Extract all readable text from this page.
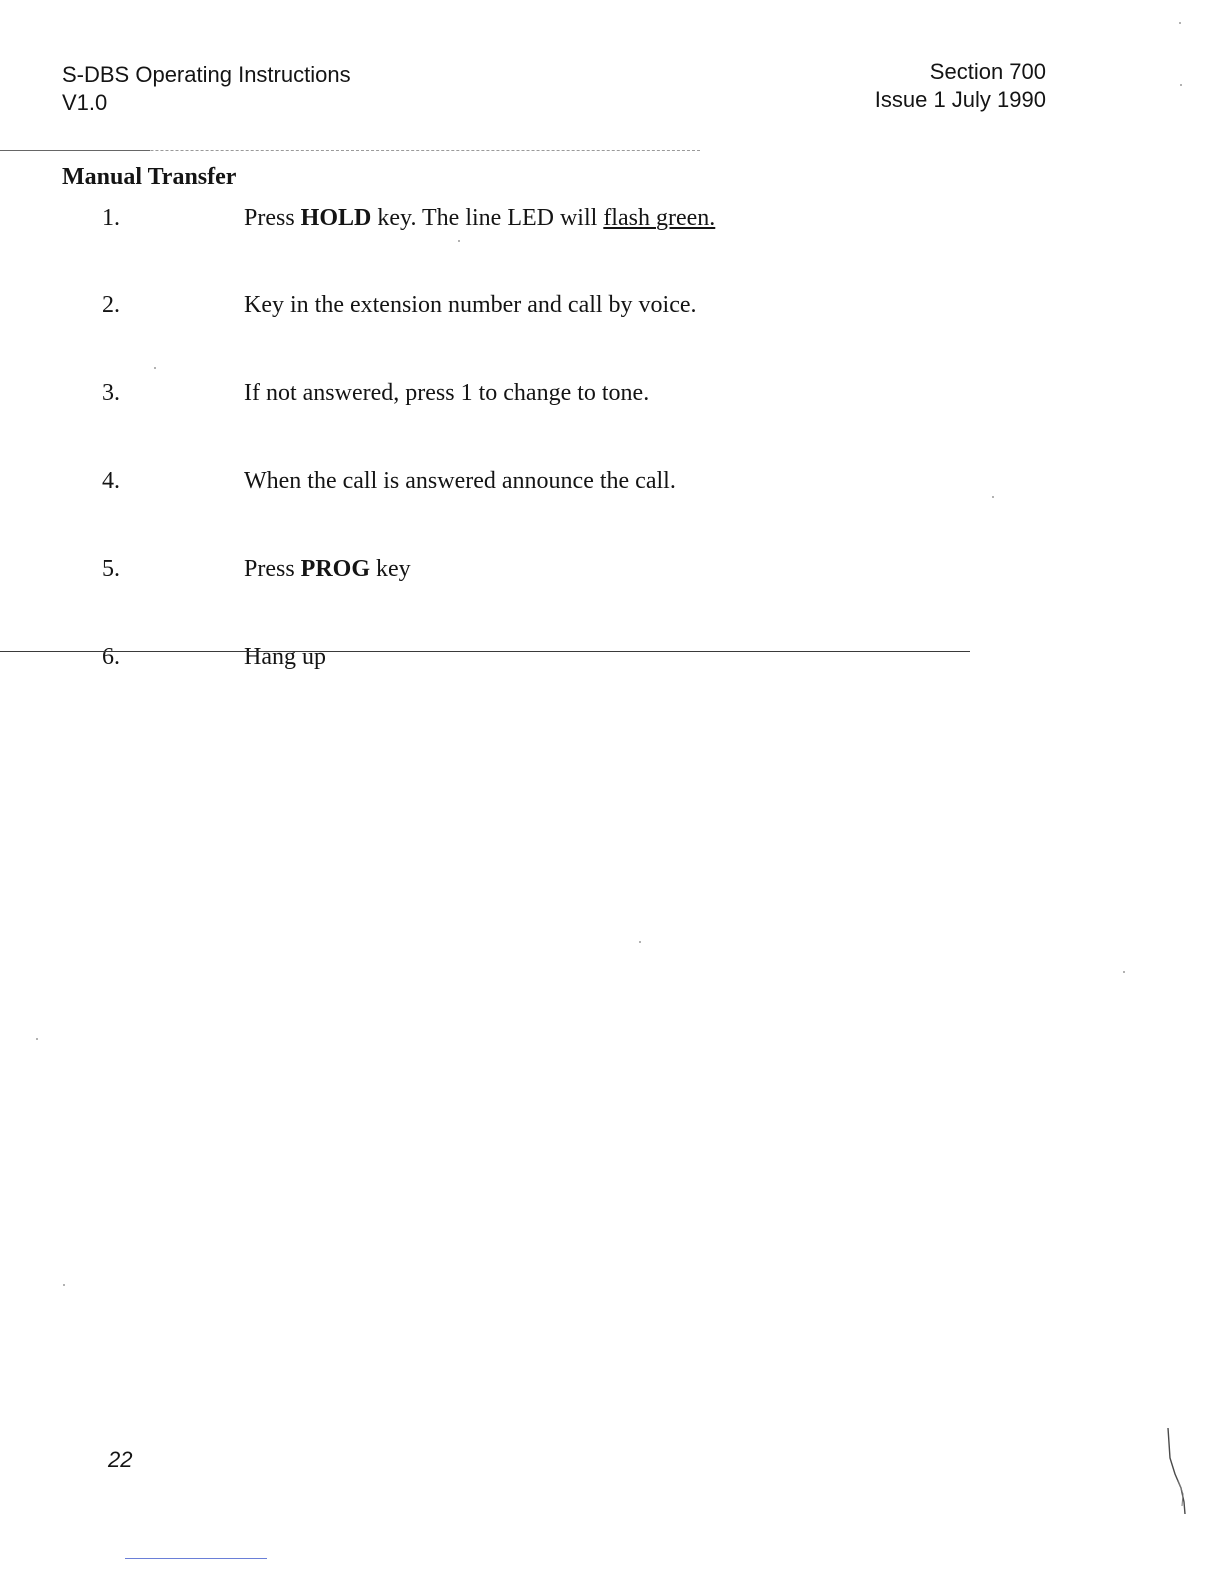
S-DBS Operating Instructions
V1.0
Section 700
Issue 1 July 1990
Manual Transfer
1.	Press HOLD key. The line LED will flash green.
2.	Key in the extension number and call by voice.
3.	If not answered, press 1 to change to tone.
4.	When the call is answered announce the call.
5.	Press PROG key
6.	Hang up
22
